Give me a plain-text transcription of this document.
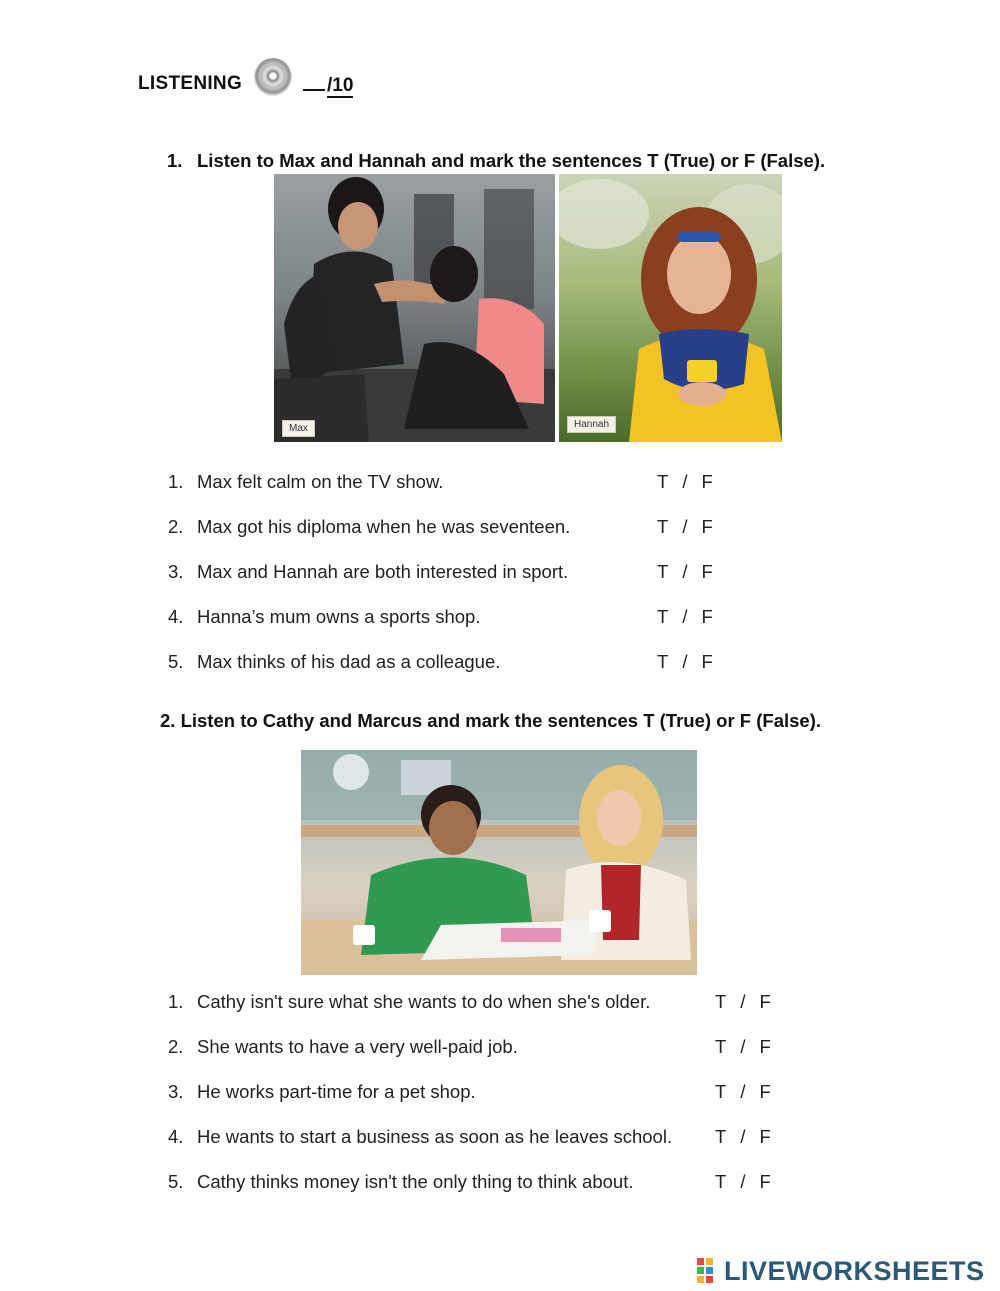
LISTENING	/10
1. Listen to Max and Hannah and mark the sentences T (True) or F (False).
Max	Hannah
1. Max felt calm on the TV show.	T / F
2. Max got his diploma when he was seventeen.	T / F
3. Max and Hannah are both interested in sport.	T / F
4. Hanna’s mum owns a sports shop.	T / F
5. Max thinks of his dad as a colleague.	T / F
2. Listen to Cathy and Marcus and mark the sentences T (True) or F (False).
1. Cathy isn't sure what she wants to do when she's older.	T / F
2. She wants to have a very well-paid job.	T / F
3. He works part-time for a pet shop.	T / F
4. He wants to start a business as soon as he leaves school. T / F
5. Cathy thinks money isn't the only thing to think about.	T / F
LIVEWORKSHEETS
